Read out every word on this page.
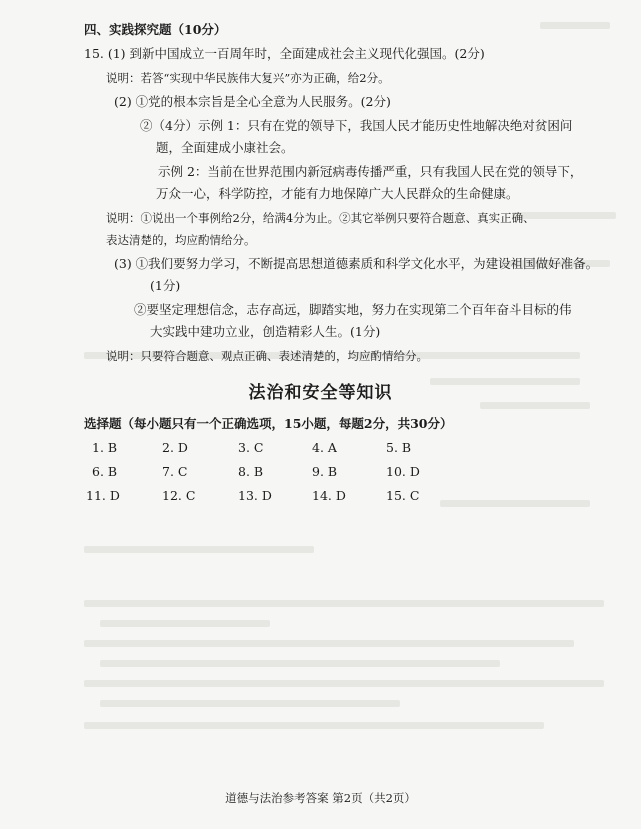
四、实践探究题（10分）
15. (1) 到新中国成立一百周年时，全面建成社会主义现代化强国。(2分)
说明：若答“实现中华民族伟大复兴”亦为正确，给2分。
(2) ①党的根本宗旨是全心全意为人民服务。(2分)
②（4分）示例 1：只有在党的领导下，我国人民才能历史性地解决绝对贫困问
题，全面建成小康社会。
示例 2：当前在世界范围内新冠病毒传播严重，只有我国人民在党的领导下，
万众一心，科学防控，才能有力地保障广大人民群众的生命健康。
说明：①说出一个事例给2分，给满4分为止。②其它举例只要符合题意、真实正确、
表达清楚的，均应酌情给分。
(3) ①我们要努力学习，不断提高思想道德素质和科学文化水平，为建设祖国做好准备。
(1分)
②要坚定理想信念，志存高远，脚踏实地，努力在实现第二个百年奋斗目标的伟
大实践中建功立业，创造精彩人生。(1分)
说明：只要符合题意、观点正确、表述清楚的，均应酌情给分。
法治和安全等知识
选择题（每小题只有一个正确选项，15小题，每题2分，共30分）
1. B	2. D	3. C	4. A	5. B
6. B	7. C	8. B	9. B	10. D
11. D	12. C	13. D	14. D	15. C
道德与法治参考答案 第2页（共2页）
